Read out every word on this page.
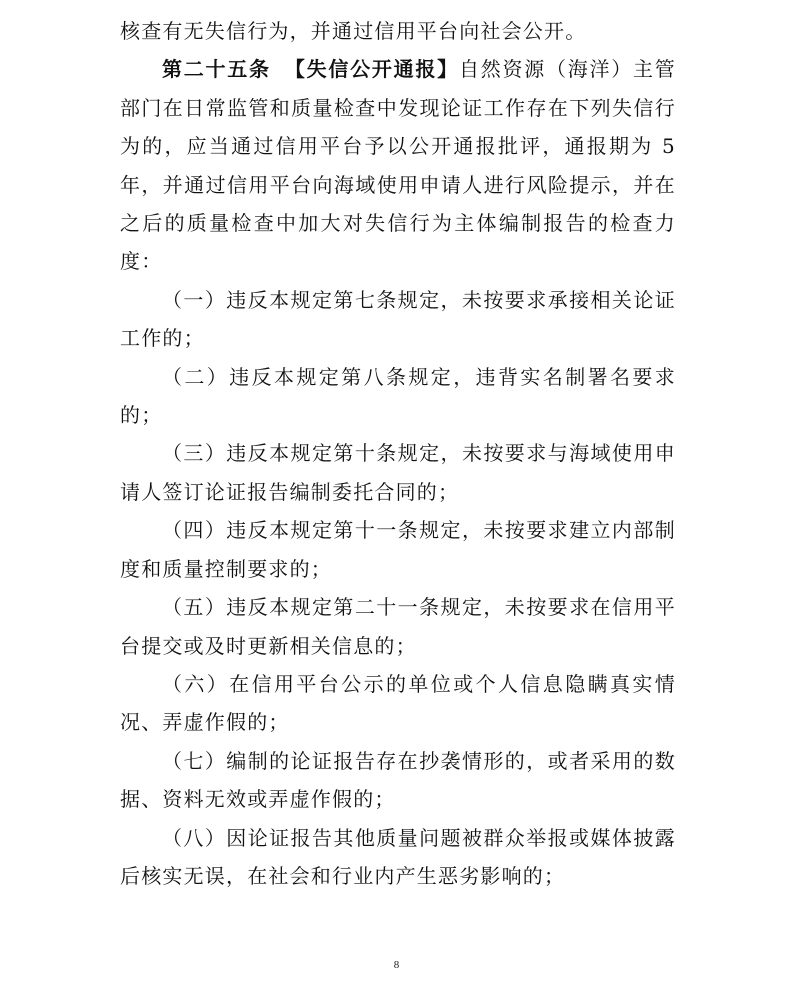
核查有无失信行为，并通过信用平台向社会公开。

第二十五条 【失信公开通报】自然资源（海洋）主管部门在日常监管和质量检查中发现论证工作存在下列失信行为的，应当通过信用平台予以公开通报批评，通报期为 5年，并通过信用平台向海域使用申请人进行风险提示，并在之后的质量检查中加大对失信行为主体编制报告的检查力度：

（一）违反本规定第七条规定，未按要求承接相关论证工作的；

（二）违反本规定第八条规定，违背实名制署名要求的；

（三）违反本规定第十条规定，未按要求与海域使用申请人签订论证报告编制委托合同的；

（四）违反本规定第十一条规定，未按要求建立内部制度和质量控制要求的；

（五）违反本规定第二十一条规定，未按要求在信用平台提交或及时更新相关信息的；

（六）在信用平台公示的单位或个人信息隐瞒真实情况、弄虚作假的；

（七）编制的论证报告存在抄袭情形的，或者采用的数据、资料无效或弄虚作假的；

（八）因论证报告其他质量问题被群众举报或媒体披露后核实无误，在社会和行业内产生恶劣影响的；

8
